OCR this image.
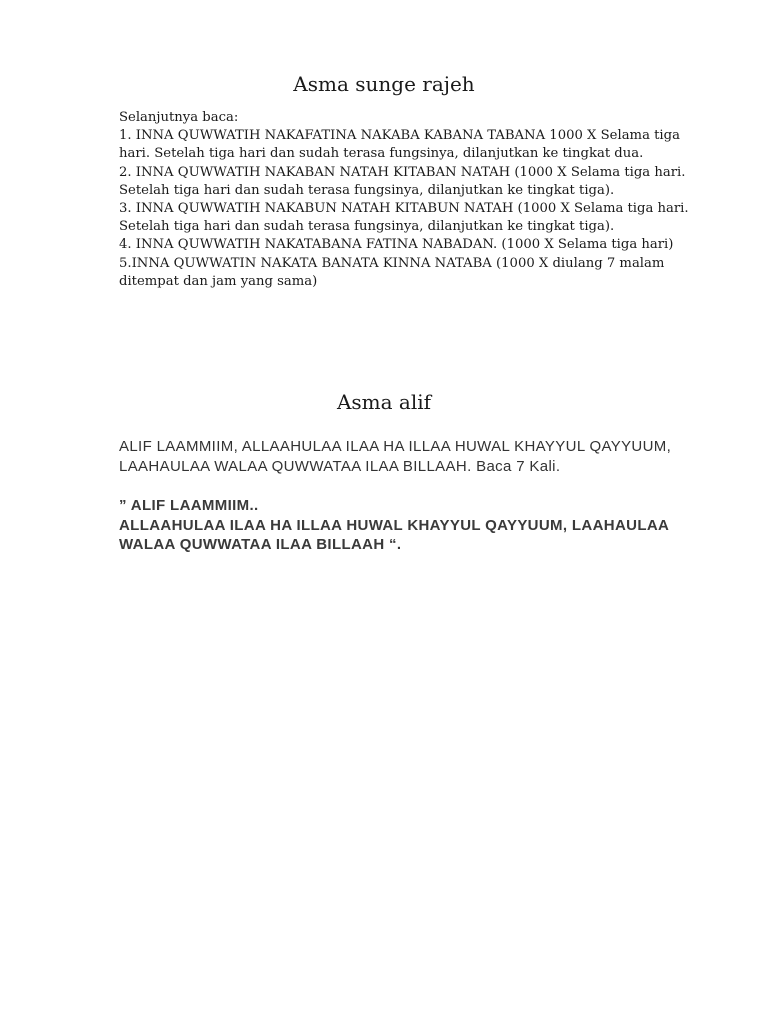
Asma sunge rajeh

Selanjutnya baca:

1. INNA QUWWATIH NAKAFATINA NAKABA KABANA TABANA 1000 X Selama tiga hari. Setelah tiga hari dan sudah terasa fungsinya, dilanjutkan ke tingkat dua.

2. INNA QUWWATIH NAKABAN NATAH KITABAN NATAH (1000 X Selama tiga hari. Setelah tiga hari dan sudah terasa fungsinya, dilanjutkan ke tingkat tiga).

3. INNA QUWWATIH NAKABUN NATAH KITABUN NATAH (1000 X Selama tiga hari. Setelah tiga hari dan sudah terasa fungsinya, dilanjutkan ke tingkat tiga).

4. INNA QUWWATIH NAKATABANA FATINA NABADAN. (1000 X Selama tiga hari)

5.INNA QUWWATIN NAKATA BANATA KINNA NATABA (1000 X diulang 7 malam ditempat dan jam yang sama)

Asma alif

ALIF LAAMMIIM, ALLAAHULAA ILAA HA ILLAA HUWAL KHAYYUL QAYYUUM, LAAHAULAA WALAA QUWWATAA ILAA BILLAAH. Baca 7 Kali.

” ALIF LAAMMIIM..

ALLAAHULAA ILAA HA ILLAA HUWAL KHAYYUL QAYYUUM, LAAHAULAA WALAA QUWWATAA ILAA BILLAAH “.
